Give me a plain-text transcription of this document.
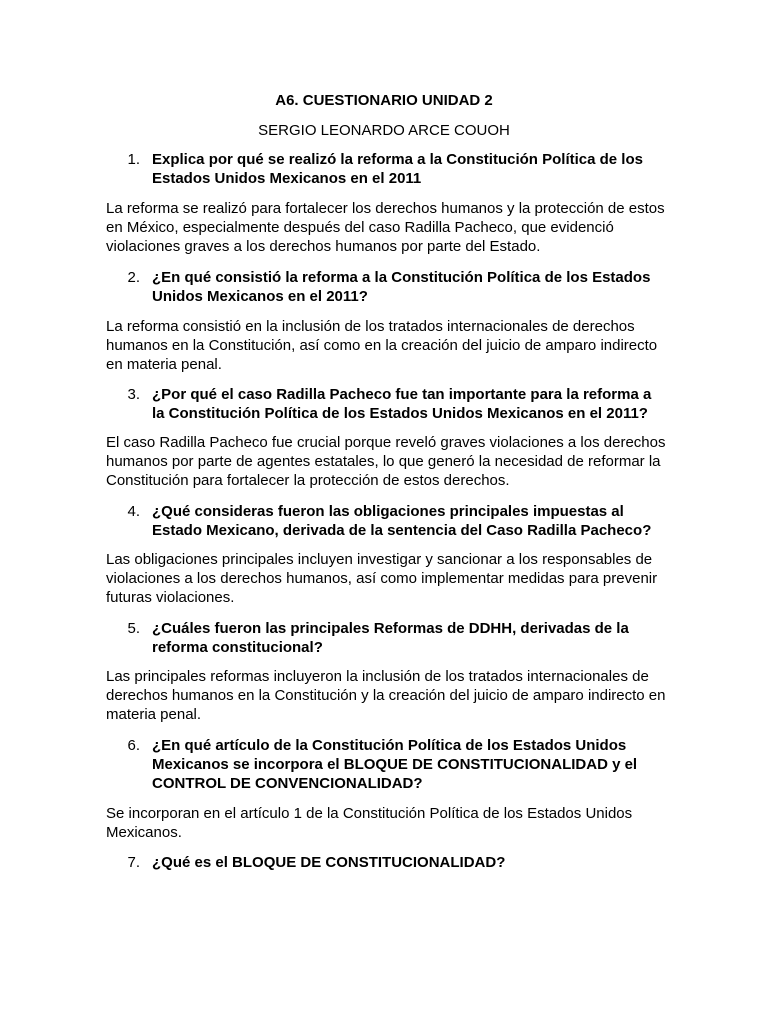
A6. CUESTIONARIO UNIDAD 2
SERGIO LEONARDO ARCE COUOH
1. Explica por qué se realizó la reforma a la Constitución Política de los Estados Unidos Mexicanos en el 2011
La reforma se realizó para fortalecer los derechos humanos y la protección de estos en México, especialmente después del caso Radilla Pacheco, que evidenció violaciones graves a los derechos humanos por parte del Estado.
2. ¿En qué consistió la reforma a la Constitución Política de los Estados Unidos Mexicanos en el 2011?
La reforma consistió en la inclusión de los tratados internacionales de derechos humanos en la Constitución, así como en la creación del juicio de amparo indirecto en materia penal.
3. ¿Por qué el caso Radilla Pacheco fue tan importante para la reforma a la Constitución Política de los Estados Unidos Mexicanos en el 2011?
El caso Radilla Pacheco fue crucial porque reveló graves violaciones a los derechos humanos por parte de agentes estatales, lo que generó la necesidad de reformar la Constitución para fortalecer la protección de estos derechos.
4. ¿Qué consideras fueron las obligaciones principales impuestas al Estado Mexicano, derivada de la sentencia del Caso Radilla Pacheco?
Las obligaciones principales incluyen investigar y sancionar a los responsables de violaciones a los derechos humanos, así como implementar medidas para prevenir futuras violaciones.
5. ¿Cuáles fueron las principales Reformas de DDHH, derivadas de la reforma constitucional?
Las principales reformas incluyeron la inclusión de los tratados internacionales de derechos humanos en la Constitución y la creación del juicio de amparo indirecto en materia penal.
6. ¿En qué artículo de la Constitución Política de los Estados Unidos Mexicanos se incorpora el BLOQUE DE CONSTITUCIONALIDAD y el CONTROL DE CONVENCIONALIDAD?
Se incorporan en el artículo 1 de la Constitución Política de los Estados Unidos Mexicanos.
7. ¿Qué es el BLOQUE DE CONSTITUCIONALIDAD?
